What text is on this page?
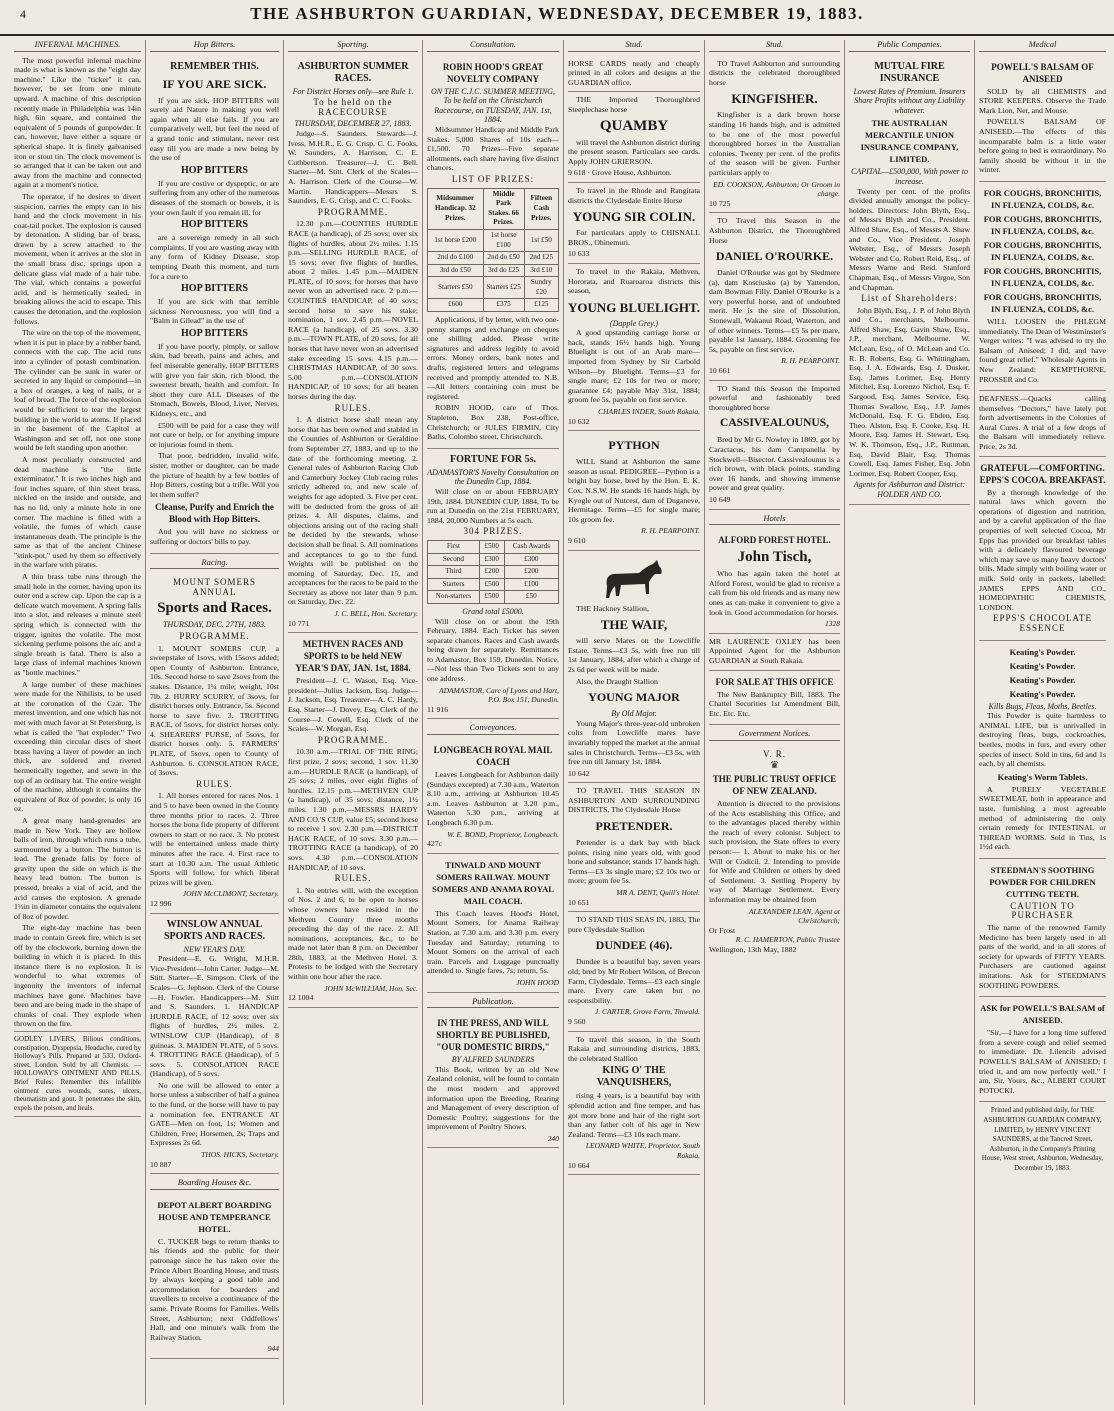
4	THE ASHBURTON GUARDIAN, WEDNESDAY, DECEMBER 19, 1883.
INFERNAL MACHINES.

The most powerful infernal machine made is what is known as the "eight day machine." Like the "ticker" it can, however, be set from one minute upward. A machine of this description recently made in Philadelphia was 14in high, 6in square, and contained the equivalent of 5 pounds of gunpowder. It can, however, have either a square or spherical shape. It is finely galvanised iron or stout tin. The clock movement is so arranged that it can be taken out and away from the machine and connected again at a moment's notice.

The operator, if he desires to divert suspicion, carries the empty can in his hand and the clock movement in his coat-tail pocket. The explosion is caused by detonation. A sliding bar of brass, drawn by a screw attached to the movement, when it arrives at the slot in the small brass disc, springs upon a delicate glass vial made of a hair tube. The vial, which contains a powerful acid, and is hermetically sealed, in breaking allows the acid to escape. This causes the detonation, and the explosion follows.

The wire on the top of the movement, when it is put in place by a rubber band, connects with the cap. The acid runs into a cylinder of potash combination. The cylinder can be sunk in water or secreted in any liquid or compound—in a box of oranges, a keg of nails, or a loaf of bread. The force of the explosion would be sufficient to tear the largest building in the world to atoms. If placed in the basement of the Capitol at Washington and set off, not one stone would be left standing upon another.

A most peculiarly constructed and dead machine is "the little exterminator." It is two inches high and four inches square, of thin sheet brass, nickled on the inside and outside, and has no lid, only a minute hole in one corner. The machine is filled with a volatile, the fumes of which cause instantaneous death. The principle is the same as that of the ancient Chinese "stink-pot," used by them so effectively in the warfare with pirates.

A thin brass tube runs through the small hole in the corner, having upon its outer end a screw cap. Upon the cap is a delicate watch movement. A spring falls into a slot, and releases a minute steel spring which is connected with the trigger, ignites the volatile. The most sickening perfume poisons the air, and a single breath is fatal. There is also a large class of infernal machines known as "bottle machines."

A large number of these machines were made for the Nihilists, to be used at the coronation of the Czar. The merest invention, and one which has not met with much favor at St Petersburg, is what is called the "hat exploder." Two exceeding thin circular discs of sheet brass having a layer of powder an inch thick, are soldered and riveted hermetically together, and sewn in the top of an ordinary hat. The entire weight of the machine, although it contains the equivalent of 8oz of powder, is only 16 oz.

A great many hand-grenades are made in New York. They are hollow balls of iron, through which runs a tube, surmounted by a button. The button is lead. The grenade falls by force of gravity upon the side on which is the heavy lead button. The button is pressed, breaks a vial of acid, and the acid causes the explosion. A grenade 1½in in diameter contains the equivalent of 8oz of powder.

The eight-day machine has been made to contain Greek fire, which is set off by the clockwork, burning down the building in which it is placed. In this instance there is no explosion. It is wonderful to what extremes of ingenuity the inventors of infernal machines have gone. Machines have been and are being made in the shape of chunks of coal. They explode when thrown on the fire.

GODLEY LIVERS, Bilious conditions, constipation, Dyspepsia, Headache, cured by Holloway's Pills. Prepared at 533, Oxford-street, London. Sold by all Chemists. — HOLLOWAY'S OINTMENT AND PILLS. Brief Rules: Remember this infallible ointment cures wounds, sores, ulcers, rheumatism and gout. It penetrates the skin, expels the poison, and heals.
Hop Bitters.
REMEMBER THIS.
IF YOU ARE SICK.

If you are sick, HOP BITTERS will surely aid Nature in making you well again when all else fails. If you are comparatively well, but feel the need of a grand tonic and stimulant, never rest easy till you are made a new being by the use of

HOP BITTERS

If you are costive or dyspeptic, or are suffering from any other of the numerous diseases of the stomach or bowels, it is your own fault if you remain ill, for

HOP BITTERS

are a sovereign remedy in all such complaints. If you are wasting away with any form of Kidney Disease, stop tempting Death this moment, and turn for a cure to

HOP BITTERS

If you are sick with that terrible sickness Nervousness, you will find a "Balm in Gilead" in the use of

HOP BITTERS

If you have poorly, pimply, or sallow skin, bad breath, pains and aches, and feel miserable generally, HOP BITTERS will give you fair skin, rich blood, the sweetest breath, health and comfort. In short they cure ALL Diseases of the Stomach, Bowels, Blood, Liver, Nerves, Kidneys, etc., and

£500 will be paid for a case they will not cure or help, or for anything impure or injurious found in them.

That poor, bedridden, invalid wife, sister, mother or daughter, can be made the picture of health by a few bottles of Hop Bitters, costing but a trifle. Will you let them suffer?

Cleanse, Purify and Enrich the Blood with Hop Bitters.

And you will have no sickness or suffering or doctors' bills to pay.

Racing.
MOUNT SOMERS ANNUAL
Sports and Races.
THURSDAY, DEC. 27TH, 1883.
PROGRAMME.

1. MOUNT SOMERS CUP, a sweepstake of 1sovs, with 15sovs added; open County of Ashburton. Entrance, 10s. Second horse to save 2sovs from the stakes. Distance, 1¼ mile; weight, 10st 7lb. 2. HURRY SCURRY, of 3sovs, for district horses only. Entrance, 5s. Second horse to save five. 3. TROTTING RACE, of 5sovs, for district horses only. 4. SHEARERS' PURSE, of 5sovs, for district horses only. 5. FARMERS' PLATE, of 5sovs, open to County of Ashburton. 6. CONSOLATION RACE, of 3sovs.

RULES.

1. All horses entered for races Nos. 1 and 5 to have been owned in the County three months prior to races. 2. Three horses the bona fide property of different owners to start or no race. 3. No protest will be entertained unless made thirty minutes after the race. 4. First race to start at 10.30 a.m. The usual Athletic Sports will follow, for which liberal prizes will be given.

JOHN McCLIMONT, Secretary.
12 996
WINSLOW ANNUAL SPORTS AND RACES.
NEW YEAR'S DAY.

President—E. G. Wright, M.H.R. Vice-President—John Carter. Judge—M. Stitt. Starter—E. Simpson. Clerk of the Scales—G. Jephson. Clerk of the Course—H. Fowler. Handicappers—M. Stitt and S. Saunders. 1. HANDICAP HURDLE RACE, of 12 sovs; over six flights of hurdles, 2½ miles. 2. WINSLOW CUP (Handicap), of 8 guineas. 3. MAIDEN PLATE, of 5 sovs. 4. TROTTING RACE (Handicap), of 5 sovs. 5. CONSOLATION RACE (Handicap), of 5 sovs.

No one will be allowed to enter a horse unless a subscriber of half a guinea to the fund, or the horse will have to pay a nomination fee. ENTRANCE AT GATE—Men on foot, 1s; Women and Children, Free; Horsemen, 2s; Traps and Expresses 2s 6d.

THOS. HICKS, Secretary.
10 887
Boarding Houses &c.
DEPOT ALBERT BOARDING HOUSE AND TEMPERANCE HOTEL.

C. TUCKER begs to return thanks to his friends and the public for their patronage since he has taken over the Prince Albert Boarding House, and trusts by always keeping a good table and accommodation for boarders and travellers to receive a continuance of the same. Private Rooms for Families. Wells Street, Ashburton; next Oddfellows' Hall, and one minute's walk from the Railway Station.

944
Sporting.
ASHBURTON SUMMER RACES.
For District Horses only—see Rule 1.
To be held on the RACECOURSE
THURSDAY, DECEMBER 27, 1883.

Judge—S. Saunders. Stewards—J. Ivess, M.H.R., E. G. Crisp, C. C. Fooks, W. Saunders, A. Harrison, C. E. Cuthbertson. Treasurer—J. C. Bell. Starter—M. Stitt. Clerk of the Scales—A. Harrison. Clerk of the Course—W. Martin. Handicappers—Messrs S. Saunders, E. G. Crisp, and C. C. Fooks.

PROGRAMME.

12.30 p.m.—COUNTIES HURDLE RACE (a handicap), of 25 sovs; over six flights of hurdles, about 2½ miles. 1.15 p.m.—SELLING HURDLE RACE, of 15 sovs; over five flights of hurdles, about 2 miles. 1.45 p.m.—MAIDEN PLATE, of 10 sovs; for horses that have never won an advertised race. 2 p.m.—COUNTIES HANDICAP, of 40 sovs; second horse to save his stake; nomination, 1 sov. 2.45 p.m.—NOVEL RACE (a handicap), of 25 sovs. 3.30 p.m.—TOWN PLATE, of 20 sovs, for all horses that have never won an advertised stake exceeding 15 sovs. 4.15 p.m.—CHRISTMAS HANDICAP, of 30 sovs. 5.00 p.m.—CONSOLATION HANDICAP, of 10 sovs; for all beaten horses during the day.

RULES.

1. A district horse shall mean any horse that has been owned and stabled in the Counties of Ashburton or Geraldine from September 27, 1883, and up to the date of the forthcoming meeting. 2. General rules of Ashburton Racing Club and Canterbury Jockey Club racing rules strictly adhered to, and new scale of weights for age adopted. 3. Five per cent. will be deducted from the gross of all prizes. 4. All disputes, claims, and objections arising out of the racing shall be decided by the stewards, whose decision shall be final. 5. All nominations and acceptances to go to the fund. Weights will be published on the morning of Saturday, Dec. 15, and acceptances for the races to be paid to the Secretary as above not later than 9 p.m. on Saturday, Dec. 22.

J. C. BELL, Hon. Secretary.
10 771
METHVEN RACES AND SPORTS to be held NEW YEAR'S DAY, JAN. 1st, 1884.

President—J. C. Wason, Esq. Vice-president—Julius Jackson, Esq. Judge—J. Jackson, Esq. Treasurer—A. C. Hardy, Esq. Starter—J. Dovey, Esq. Clerk of the Course—J. Cowell, Esq. Clerk of the Scales—W. Morgan, Esq.

PROGRAMME.

10.30 a.m.—TRIAL OF THE RING; first prize, 2 sovs; second, 1 sov. 11.30 a.m.—HURDLE RACE (a handicap), of 25 sovs; 2 miles, over eight flights of hurdles. 12.15 p.m.—METHVEN CUP (a handicap), of 35 sovs; distance, 1½ miles. 1.30 p.m.—MESSRS HARDY AND CO.'S CUP, value £5; second horse to receive 1 sov. 2.30 p.m.—DISTRICT HACK RACE, of 10 sovs. 3.30 p.m.—TROTTING RACE (a handicap), of 20 sovs. 4.30 p.m.—CONSOLATION HANDICAP, of 10 sovs.

RULES.

1. No entries will, with the exception of Nos. 2 and 6, to be open to horses whose owners have resided in the Methven Country three months preceding the day of the race. 2. All nominations, acceptances, &c., to be made not later than 8 p.m. on December 28th, 1883, at the Methven Hotel. 3. Protests to be lodged with the Secretary within one hour after the race.

JOHN McWILLIAM, Hon. Sec.
12 1004
Consultation.
ROBIN HOOD'S GREAT NOVELTY COMPANY
ON THE C.J.C. SUMMER MEETING, To be held on the Christchurch Racecourse, on TUESDAY, JAN. 1st, 1884.

Midsummer Handicap and Middle Park Stakes. 5,000 Shares of 10s each—£1,500. 70 Prizes—Five separate allotments, each share having five distinct chances.

LIST OF PRIZES:
Midsummer Handicap. 32 Prizes.	Middle Park Stakes. 66 Prizes.	Fifteen Cash Prizes.
1st horse £200	1st horse £100	1st £50
2nd do £100	2nd do £50	2nd £25
3rd do £50	3rd do £25	3rd £10
Starters £50	Starters £25	Sundry £20
£600	£375	£125

Applications, if by letter, with two one-penny stamps and exchange on cheques one shilling added. Please write signatures and address legibly to avoid errors. Money orders, bank notes and drafts, registered letters and telegrams received and promptly attended to. N.B.—All letters containing coin must be registered.

ROBIN HOOD, care of Thos. Stapleton, Box 238, Post-office, Christchurch; or JULES FIRMIN, City Baths, Colombo street, Christchurch.

FORTUNE FOR 5s.
ADAMASTOR'S Novelty Consultation on the Dunedin Cup, 1884.

Will close on or about FEBRUARY 19th, 1884. DUNEDIN CUP, 1884, To be run at Dunedin on the 21st FEBRUARY, 1884. 20,000 Numbers at 5s each.

304 PRIZES.
First	£500	Cash Awards
Second	£300	£300
Third	£200	£200
Starters	£500	£100
Non-starters	£500	£50
Grand total £5000.

Will close on or about the 19th February, 1884. Each Ticket has seven separate chances. Races and Cash awards being drawn for separately. Remittances to Adamastor, Box 159, Dunedin. Notice.—Not less than Two Tickets sent to any one address.

ADAMASTOR, Care of Lyons and Hart, P.O. Box 151, Dunedin.
11 916
Conveyances.
LONGBEACH ROYAL MAIL COACH

Leaves Longbeach for Ashburton daily (Sundays excepted) at 7.30 a.m., Waterton 8.10 a.m., arriving at Ashburton 10.45 a.m. Leaves Ashburton at 3.20 p.m., Waterton 5.30 p.m., arriving at Longbeach 6.30 p.m.

W. E. BOND, Proprietor, Longbeach.
427c
TINWALD AND MOUNT SOMERS RAILWAY. MOUNT SOMERS AND ANAMA ROYAL MAIL COACH.

This Coach leaves Hood's Hotel, Mount Somers, for Anama Railway Station, at 7.30 a.m. and 3.30 p.m. every Tuesday and Saturday; returning to Mount Somers on the arrival of each train. Parcels and Luggage punctually attended to. Single fares, 7s; return, 5s.

JOHN HOOD
Publication.
IN THE PRESS, AND WILL SHORTLY BE PUBLISHED, "OUR DOMESTIC BIRDS,"
BY ALFRED SAUNDERS

This Book, written by an old New Zealand colonist, will be found to contain the most modern and approved information upon the Breeding, Rearing and Management of every description of Domestic Poultry; suggestions for the improvement of Poultry Shows.

240
Stud.
HORSE CARDS neatly and cheaply printed in all colors and designs at the GUARDIAN office.

THE Imported Thoroughbred Steeplechase horse

QUAMBY

will travel the Ashburton district during the present season. Particulars see cards. Apply JOHN GRIERSON.

9 618 · Grove House, Ashburton.

To travel in the Rhode and Rangitata districts the Clydesdale Entire Horse

YOUNG SIR COLIN.

For particulars apply to CHISNALL BROS., Ohinemuri.

10 633

To travel in the Rakaia, Methven, Hororata, and Ruaroaroa districts this season,

YOUNG BLUELIGHT.
(Dapple Grey.)

A good upstanding carriage horse or hack, stands 16½ hands high. Young Bluelight is out of an Arab mare—imported from Sydney by Sir Carbold Wilson—by Bluelight. Terms—£3 for single mare; £2 10s for two or more; guarantee £4; payable May 31st, 1884; groom fee 5s, payable on first service.

CHARLES INDER, South Rakaia.
10 632
PYTHON

WILL Stand at Ashburton the same season as usual. PEDIGREE—Python is a bright bay horse, bred by the Hon. E. K. Cox, N.S.W. He stands 16 hands high, by Kyogle out of Nutcest, dam of Duganeve, Hermitage. Terms—£5 for single mare; 10s groom fee.

R. H. PEARPOINT.
9 610

THE Hackney Stallion,

THE WAIF,

will serve Mares on the Lowcliffe Estate. Terms—£3 5s, with free run till 1st January, 1884, after which a charge of 2s 6d per week will be made.

Also, the Draught Stallion

YOUNG MAJOR
By Old Major.

Young Major's three-year-old unbroken colts from Lowcliffe mares have invariably topped the market at the annual sales in Christchurch. Terms—£3 5s, with free run till January 1st, 1884.

10 642

TO TRAVEL THIS SEASON IN ASHBURTON AND SURROUNDING DISTRICTS, The Clydesdale Horse

PRETENDER.

Pretender is a dark bay with black points, rising nine years old, with good bone and substance; stands 17 hands high. Terms—£3 3s single mare; £2 10s two or more; groom fee 5s.

MR A. DENT, Quill's Hotel.
10 651

TO STAND THIS SEAS IN, 1883, The pure Clydesdale Stallion

DUNDEE (46).

Dundee is a beautiful bay, seven years old; bred by Mr Robert Wilson, of Brecon Farm, Clydesdale. Terms—£3 each single mare. Every care taken but no responsibility.

J. CARTER, Grove Farm, Tinwald.
9 560

To travel this season, in the South Rakaia and surrounding districts, 1883, the celebrated Stallion

KING O' THE VANQUISHERS,

rising 4 years, is a beautiful bay with splendid action and fine temper, and has got more bone and hair of the right sort than any father colt of his age in New Zealand. Terms—£3 10s each mare.

LEONARD WHITE, Proprietor, South Rakaia.
10 664
Stud.

TO Travel Ashburton and surrounding districts the celebrated thoroughbred horse

KINGFISHER.

Kingfisher is a dark brown horse standing 16 hands high, and is admitted to be one of the most powerful thoroughbred horses in the Australian colonies. Twenty per cent. of the profits of the season will be given. Further particulars apply to

ED. COOKSON, Ashburton; Or Groom in charge.
10 725

TO Travel this Season in the Ashburton District, the Thoroughbred Horse

DANIEL O'ROURKE.

Daniel O'Rourke was got by Sledmere (a), dam Kosciusko (a) by Yattendon, dam Bowman Filly. Daniel O'Rourke is a very powerful horse, and of undoubted merit. He is the sire of Dissolution, Stonewall, Wakanui Road, Waterton, and of other winners. Terms—£5 5s per mare, payable 1st January, 1884. Grooming fee 5s, payable on first service.

R. H. PEARPOINT.
10 661

TO Stand this Season the Imported powerful and fashionably bred thoroughbred horse

CASSIVEALOUNUS,

Bred by Mr G. Nowley in 1869, got by Caractacus, his dam Campanella by Stockwell—Bisector. Cassivealounus is a rich brown, with black points, standing over 16 hands, and showing immense power and great quality.

10 649
Hotels
ALFORD FOREST HOTEL.
John Tisch,

Who has again taken the hotel at Alford Forest, would be glad to receive a call from his old friends and as many new ones as can make it convenient to give a look in. Good accommodation for horses.

1328
MR LAURENCE OXLEY has been Appointed Agent for the Ashburton GUARDIAN at South Rakaia.
FOR SALE AT THIS OFFICE

The New Bankruptcy Bill, 1883. The Chattel Securities 1st Amendment Bill, Etc. Etc. Etc.

Government Notices.
V. R.
♛
THE PUBLIC TRUST OFFICE OF NEW ZEALAND.

Attention is directed to the provisions of the Acts establishing this Office, and to the advantages placed thereby within the reach of every colonist. Subject to such provision, the State offers to every person:— 1. About to make his or her Will or Codicil. 2. Intending to provide for Wife and Children or others by deed of Settlement. 3. Settling Property by way of Marriage Settlement. Every information may be obtained from

ALEXANDER LEAN, Agent at Christchurch;
Or Frost
R. C. HAMERTON, Public Trustee
Wellington, 13th May, 1882
Public Companies.
MUTUAL FIRE INSURANCE
Lowest Rates of Premium. Insurers Share Profits without any Liability whatever.
THE AUSTRALIAN MERCANTILE UNION INSURANCE COMPANY, LIMITED.
CAPITAL—£500,000, With power to increase.

Twenty per cent. of the profits divided annually amongst the policy-holders. Directors: John Blyth, Esq., of Messrs Blyth and Co., President. Alfred Shaw, Esq., of Messrs A. Shaw and Co., Vice President. Joseph Webster, Esq., of Messrs Joseph Webster and Co. Robert Reid, Esq., of Messrs Warne and Reid. Stanford Chapman, Esq., of Messrs Virgoe, Son and Chapman.

List of Shareholders:

John Blyth, Esq., J. P. of John Blyth and Co., merchants, Melbourne. Alfred Shaw, Esq. Gavin Shaw, Esq., J.P., merchant, Melbourne. W. McLean, Esq., of O. McLean and Co. R. B. Roberts, Esq. G. Whittingham, Esq. J. A. Edwards, Esq. J. Dusker, Esq. James Lorimer, Esq. Henry Mitchel, Esq. Lorenzo Nichol, Esq. F. Sargood, Esq. James Service, Esq. Thomas Swallow, Esq., J.P. James McDonald, Esq. F. G. Ebden, Esq. Theo. Alston, Esq. F. Cooke, Esq. H. Moore, Esq. James H. Stewart, Esq. W. K. Thomson, Esq., J.P., Ruttman, Esq. David Blair, Esq. Thomas Cowell, Esq. James Fisher, Esq. John Lorimer, Esq. Robert Cooper, Esq.

Agents for Ashburton and District: HOLDER AND CO.
Medical
POWELL'S BALSAM OF ANISEED

SOLD by all CHEMISTS and STORE KEEPERS. Observe the Trade Mark Lion, Net, and Mouse.

POWELL'S BALSAM OF ANISEED.—The effects of this incomparable balm is a little water before going to bed is extraordinary. No family should be without it in the winter.

FOR COUGHS, BRONCHITIS, IN FLUENZA, COLDS, &c.
FOR COUGHS, BRONCHITIS, IN FLUENZA, COLDS, &c.
FOR COUGHS, BRONCHITIS, IN FLUENZA, COLDS, &c.
FOR COUGHS, BRONCHITIS, IN FLUENZA, COLDS, &c.
FOR COUGHS, BRONCHITIS, IN FLUENZA, COLDS, &c.

WILL LOOSEN the PHLEGM immediately. The Dean of Westminster's Verger writes: "I was advised to try the Balsam of Aniseed; I did, and have found great relief." Wholesale Agents in New Zealand: KEMPTHORNE, PROSSER and Co.

DEAFNESS.—Quacks calling themselves "Doctors," have lately put forth advertisements in the Colonies of Aural Cures. A trial of a few drops of the Balsam will immediately relieve. Price, 2s 3d.
GRATEFUL—COMFORTING. EPPS'S COCOA. BREAKFAST.

By a thorough knowledge of the natural laws which govern the operations of digestion and nutrition, and by a careful application of the fine properties of well selected Cocoa, Mr Epps has provided our breakfast tables with a delicately flavoured beverage which may save us many heavy doctors' bills. Made simply with boiling water or milk. Sold only in packets, labelled: JAMES EPPS AND CO., HOMEOPATHIC CHEMISTS, LONDON.

EPPS'S CHOCOLATE ESSENCE
Keating's Powder.
Keating's Powder.
Keating's Powder.
Keating's Powder.
Kills Bugs, Fleas, Moths, Beetles.

This Powder is quite harmless to ANIMAL LIFE, but is unrivalled in destroying fleas, bugs, cockroaches, beetles, moths in furs, and every other species of insect. Sold in tins, 6d and 1s each, by all chemists.

Keating's Worm Tablets.

A PURELY VEGETABLE SWEETMEAT, both in appearance and taste, furnishing a most agreeable method of administering the only certain remedy for INTESTINAL or THREAD WORMS. Sold in Tins, 1s 1½d each.

STEEDMAN'S SOOTHING POWDER FOR CHILDREN CUTTING TEETH.
CAUTION TO PURCHASER

The name of the renowned Family Medicine has been largely used in all parts of the world, and in all stores of society for upwards of FIFTY YEARS. Purchasers are cautioned against imitations. Ask for STEEDMAN'S SOOTHING POWDERS.

ASK for POWELL'S BALSAM of ANISEED.

"Sir,—I have for a long time suffered from a severe cough and relief seemed to immediate. Dr. Lilencib advised POWELL'S BALSAM of ANISEED; I tried it, and am now perfectly well." I am, Sir, Yours, &c., ALBERT COURT POTOCKI.

Printed and published daily, for THE ASHBURTON GUARDIAN COMPANY, LIMITED, by HENRY VINCENT SAUNDERS, at the Tancred Street, Ashburton, in the Company's Printing House, West street, Ashburton, Wednesday, December 19, 1883.
